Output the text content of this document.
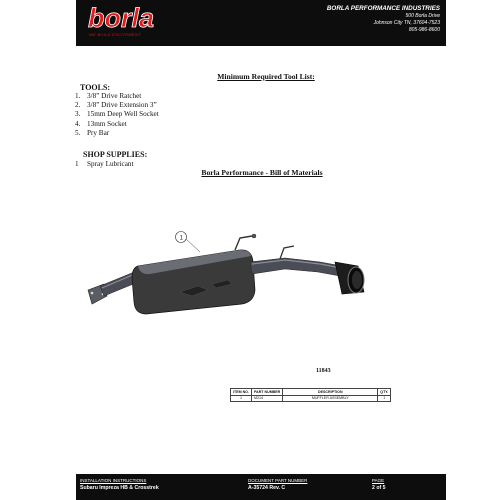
borla
WE BUILD EXCITEMENT
BORLA PERFORMANCE INDUSTRIES
500 Borla Drive
Johnson City TN, 37604-7523
805-986-8600
Minimum Required Tool List:
TOOLS:
1. 3/8” Drive Ratchet
2. 3/8” Drive Extension 3”
3. 15mm Deep Well Socket
4. 13mm Socket
5. Pry Bar
SHOP SUPPLIES:
1 Spray Lubricant
Borla Performance - Bill of Materials
1
11843
ITEM NO.	PART NUMBER	DESCRIPTION	QTY.
1	M214	MUFFLER ASSEMBLY	1
INSTALLATION INSTRUCTIONS
Subaru Impreza HB & Crosstrek
DOCUMENT PART NUMBER
A-35724 Rev. C
PAGE
2 of 5
